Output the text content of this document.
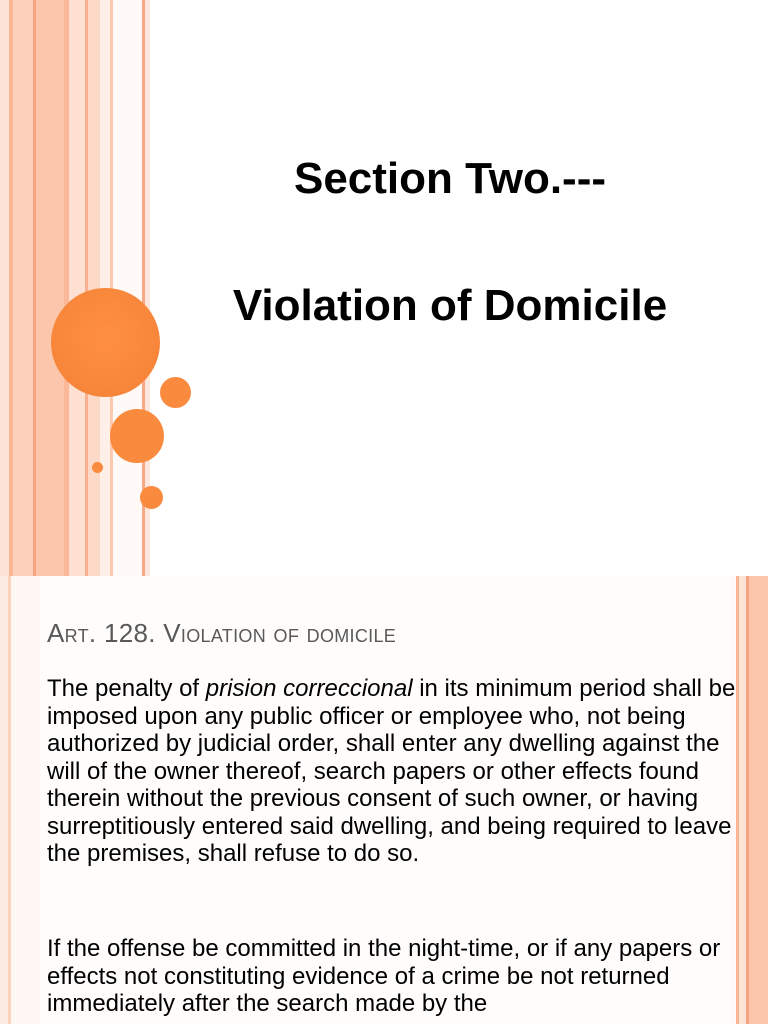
Section Two.---
Violation of Domicile
Art. 128. Violation of domicile
The penalty of prision correccional in its minimum period shall be imposed upon any public officer or employee who, not being authorized by judicial order, shall enter any dwelling against the will of the owner thereof, search papers or other effects found therein without the previous consent of such owner, or having surreptitiously entered said dwelling, and being required to leave the premises, shall refuse to do so.
If the offense be committed in the night-time, or if any papers or effects not constituting evidence of a crime be not returned immediately after the search made by the
